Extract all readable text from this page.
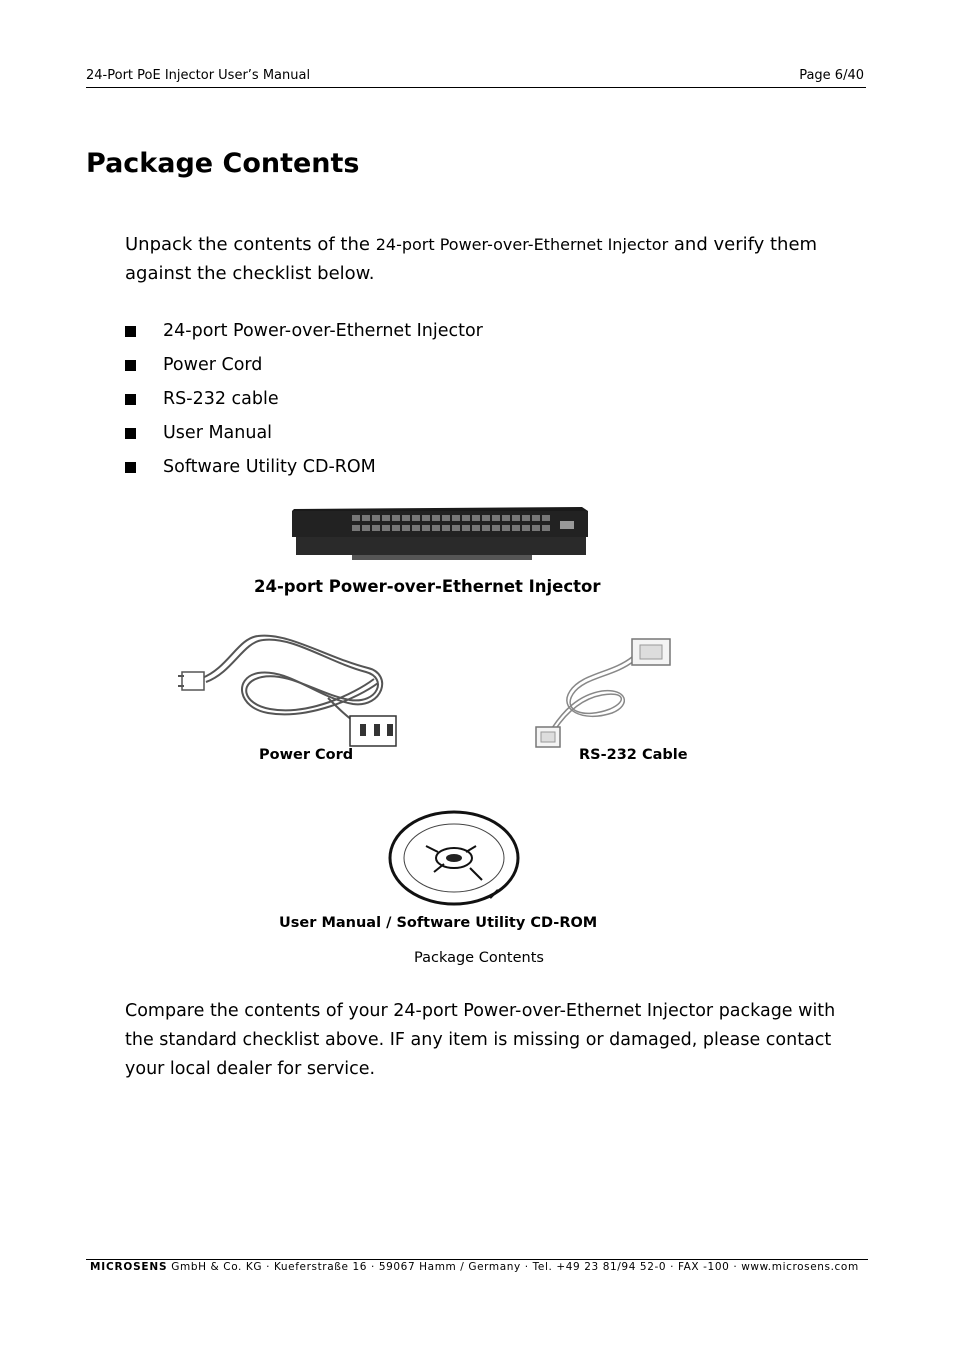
24-Port PoE Injector User’s Manual	Page 6/40
Package Contents
Unpack the contents of the 24-port Power-over-Ethernet Injector and verify them against the checklist below.
24-port Power-over-Ethernet Injector
Power Cord
RS-232 cable
User Manual
Software Utility CD-ROM
24-port Power-over-Ethernet Injector
Power Cord	RS-232 Cable
User Manual / Software Utility CD-ROM
Package Contents
Compare the contents of your 24-port Power-over-Ethernet Injector package with the standard checklist above. IF any item is missing or damaged, please contact your local dealer for service.
MICROSENS GmbH & Co. KG · Kueferstraße 16 · 59067 Hamm / Germany · Tel. +49 23 81/94 52-0 · FAX -100 · www.microsens.com
